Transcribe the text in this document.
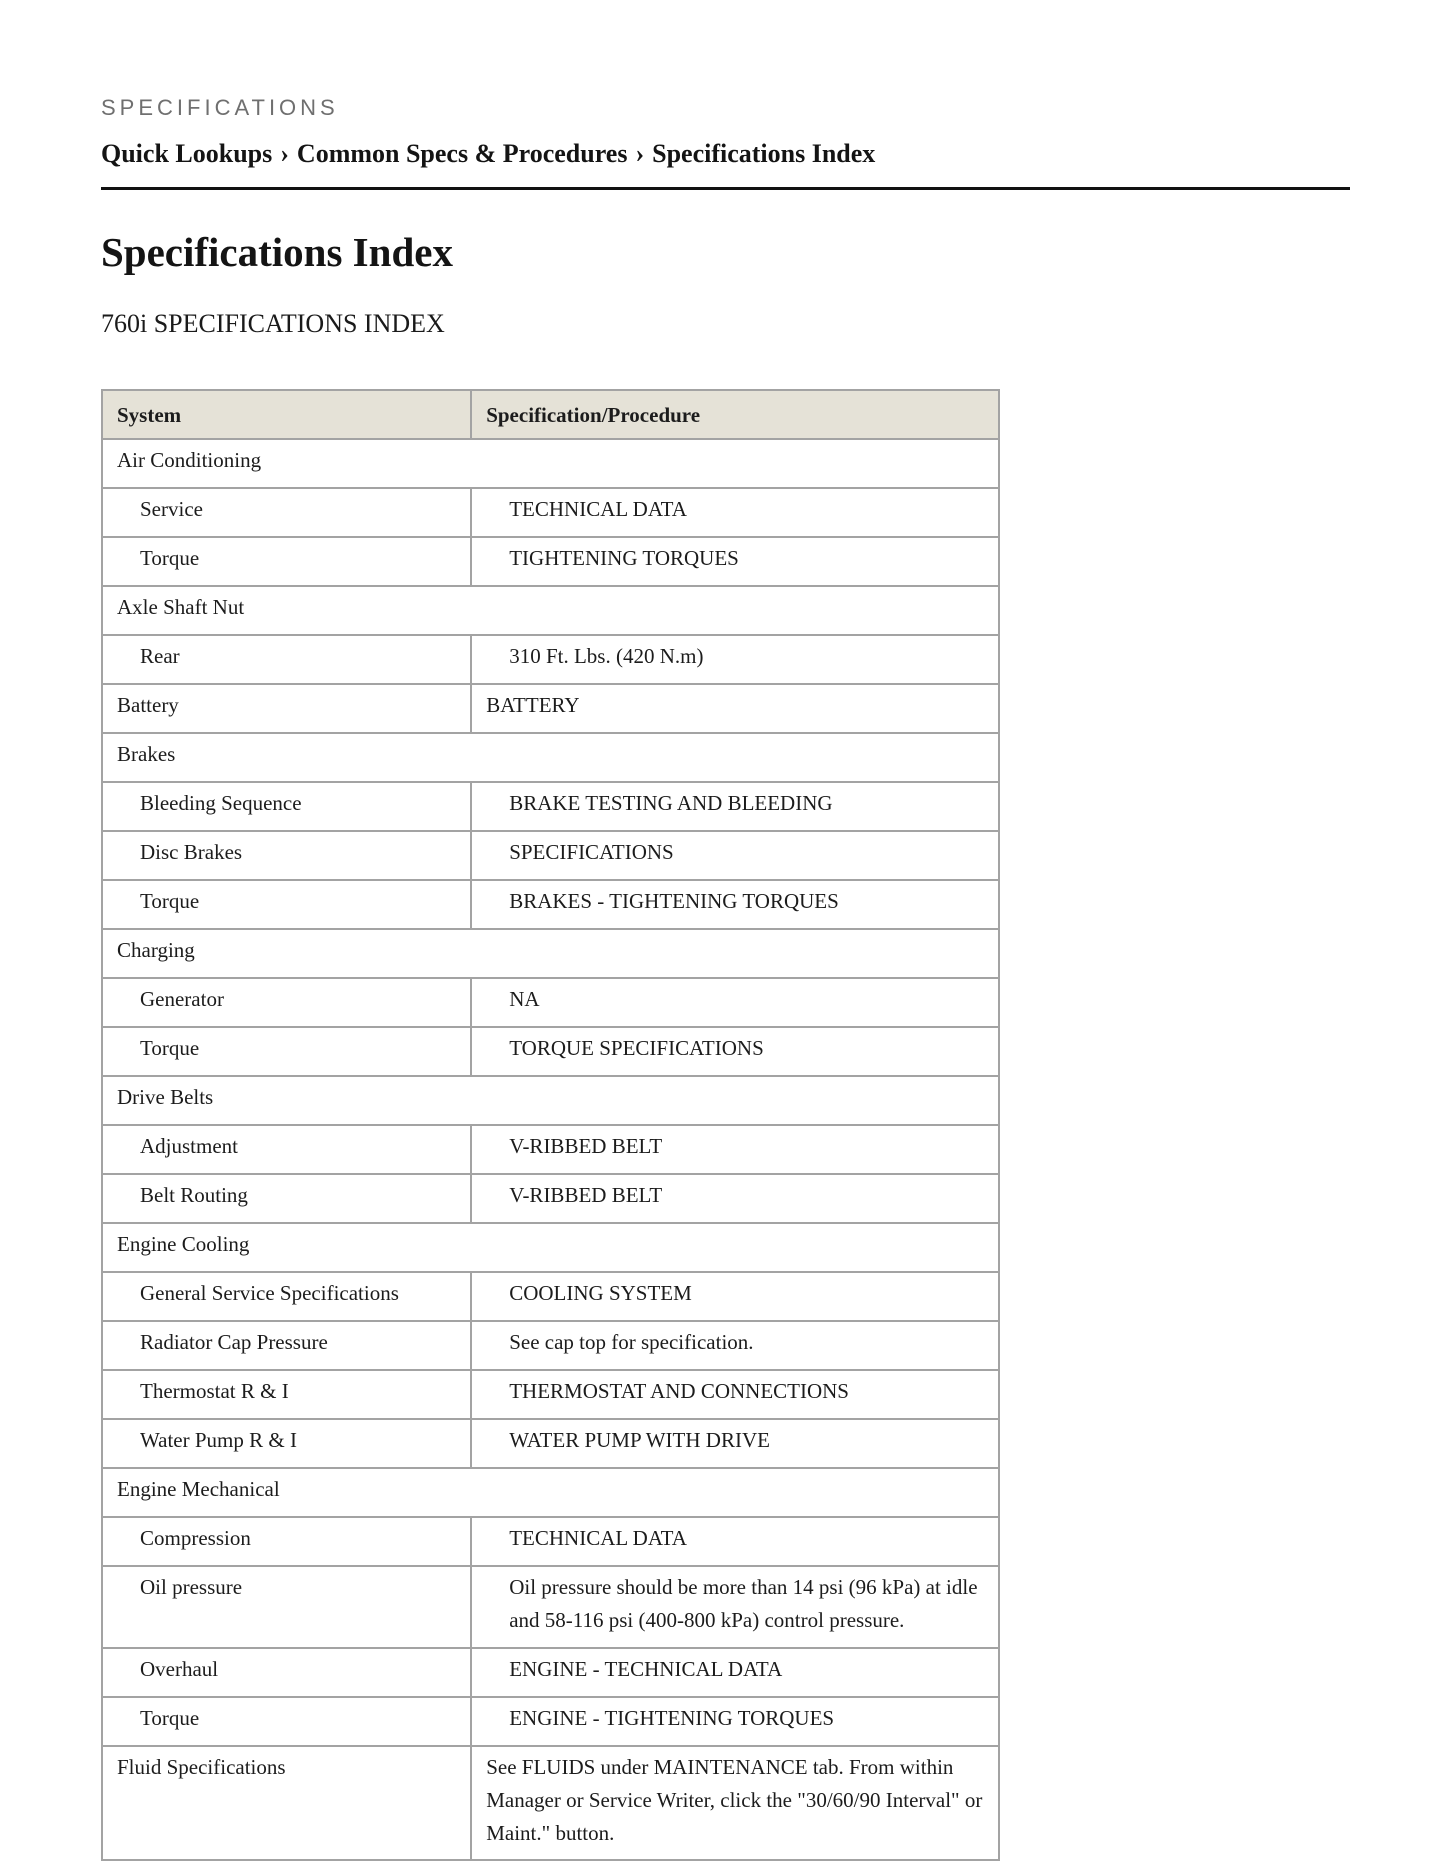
SPECIFICATIONS
Quick Lookups › Common Specs & Procedures › Specifications Index
Specifications Index
760i SPECIFICATIONS INDEX
System	Specification/Procedure
Air Conditioning	
Service	TECHNICAL DATA
Torque	TIGHTENING TORQUES
Axle Shaft Nut	
Rear	310 Ft. Lbs. (420 N.m)
Battery	BATTERY
Brakes	
Bleeding Sequence	BRAKE TESTING AND BLEEDING
Disc Brakes	SPECIFICATIONS
Torque	BRAKES - TIGHTENING TORQUES
Charging	
Generator	NA
Torque	TORQUE SPECIFICATIONS
Drive Belts	
Adjustment	V-RIBBED BELT
Belt Routing	V-RIBBED BELT
Engine Cooling	
General Service Specifications	COOLING SYSTEM
Radiator Cap Pressure	See cap top for specification.
Thermostat R & I	THERMOSTAT AND CONNECTIONS
Water Pump R & I	WATER PUMP WITH DRIVE
Engine Mechanical	
Compression	TECHNICAL DATA
Oil pressure	Oil pressure should be more than 14 psi (96 kPa) at idle and 58-116 psi (400-800 kPa) control pressure.
Overhaul	ENGINE - TECHNICAL DATA
Torque	ENGINE - TIGHTENING TORQUES
Fluid Specifications	See FLUIDS under MAINTENANCE tab. From within Manager or Service Writer, click the "30/60/90 Interval" or Maint." button.
